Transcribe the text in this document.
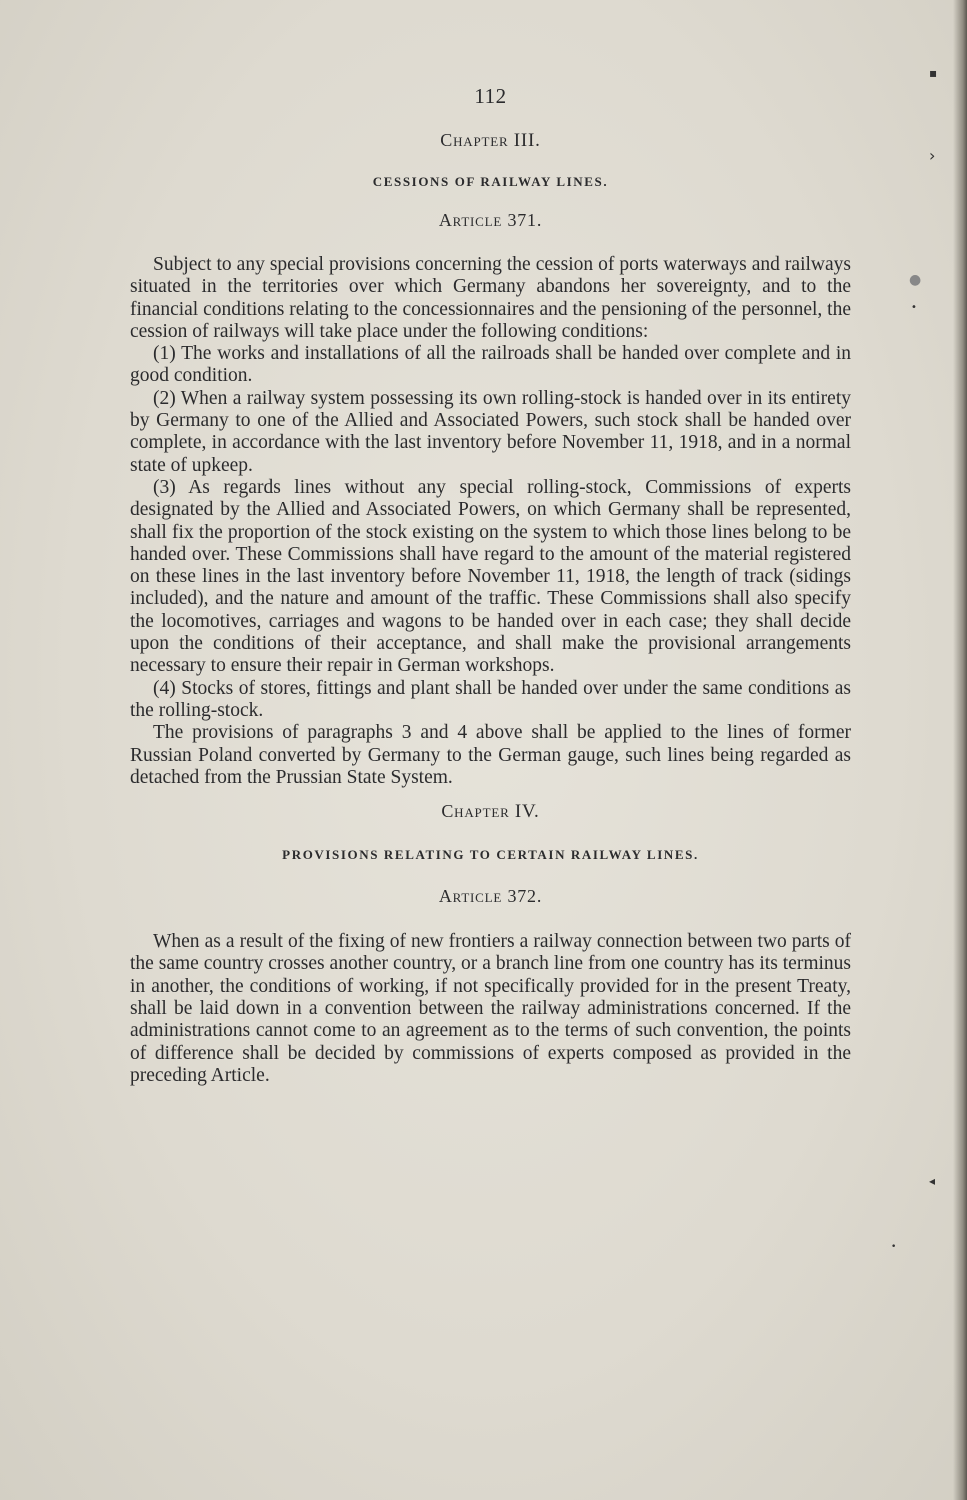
▪
›
●
•
◂
•
112
Chapter III.
CESSIONS OF RAILWAY LINES.
Article 371.

Subject to any special provisions concerning the cession of ports waterways and railways situated in the territories over which Germany abandons her sovereignty, and to the financial conditions relating to the concessionnaires and the pensioning of the personnel, the cession of railways will take place under the following conditions:

(1) The works and installations of all the railroads shall be handed over complete and in good condition.

(2) When a railway system possessing its own rolling-stock is handed over in its entirety by Germany to one of the Allied and Associated Powers, such stock shall be handed over complete, in accordance with the last inventory before November 11, 1918, and in a normal state of upkeep.

(3) As regards lines without any special rolling-stock, Commissions of experts designated by the Allied and Associated Powers, on which Germany shall be represented, shall fix the proportion of the stock existing on the system to which those lines belong to be handed over. These Commissions shall have regard to the amount of the material registered on these lines in the last inventory before November 11, 1918, the length of track (sidings included), and the nature and amount of the traffic. These Commissions shall also specify the locomotives, carriages and wagons to be handed over in each case; they shall decide upon the conditions of their acceptance, and shall make the provisional arrangements necessary to ensure their repair in German workshops.

(4) Stocks of stores, fittings and plant shall be handed over under the same conditions as the rolling-stock.

The provisions of paragraphs 3 and 4 above shall be applied to the lines of former Russian Poland converted by Germany to the German gauge, such lines being regarded as detached from the Prussian State System.

Chapter IV.
PROVISIONS RELATING TO CERTAIN RAILWAY LINES.
Article 372.

When as a result of the fixing of new frontiers a railway connection between two parts of the same country crosses another country, or a branch line from one country has its terminus in another, the conditions of working, if not specifically provided for in the present Treaty, shall be laid down in a convention between the railway administrations concerned. If the administrations cannot come to an agreement as to the terms of such convention, the points of difference shall be decided by commissions of experts composed as provided in the preceding Article.
